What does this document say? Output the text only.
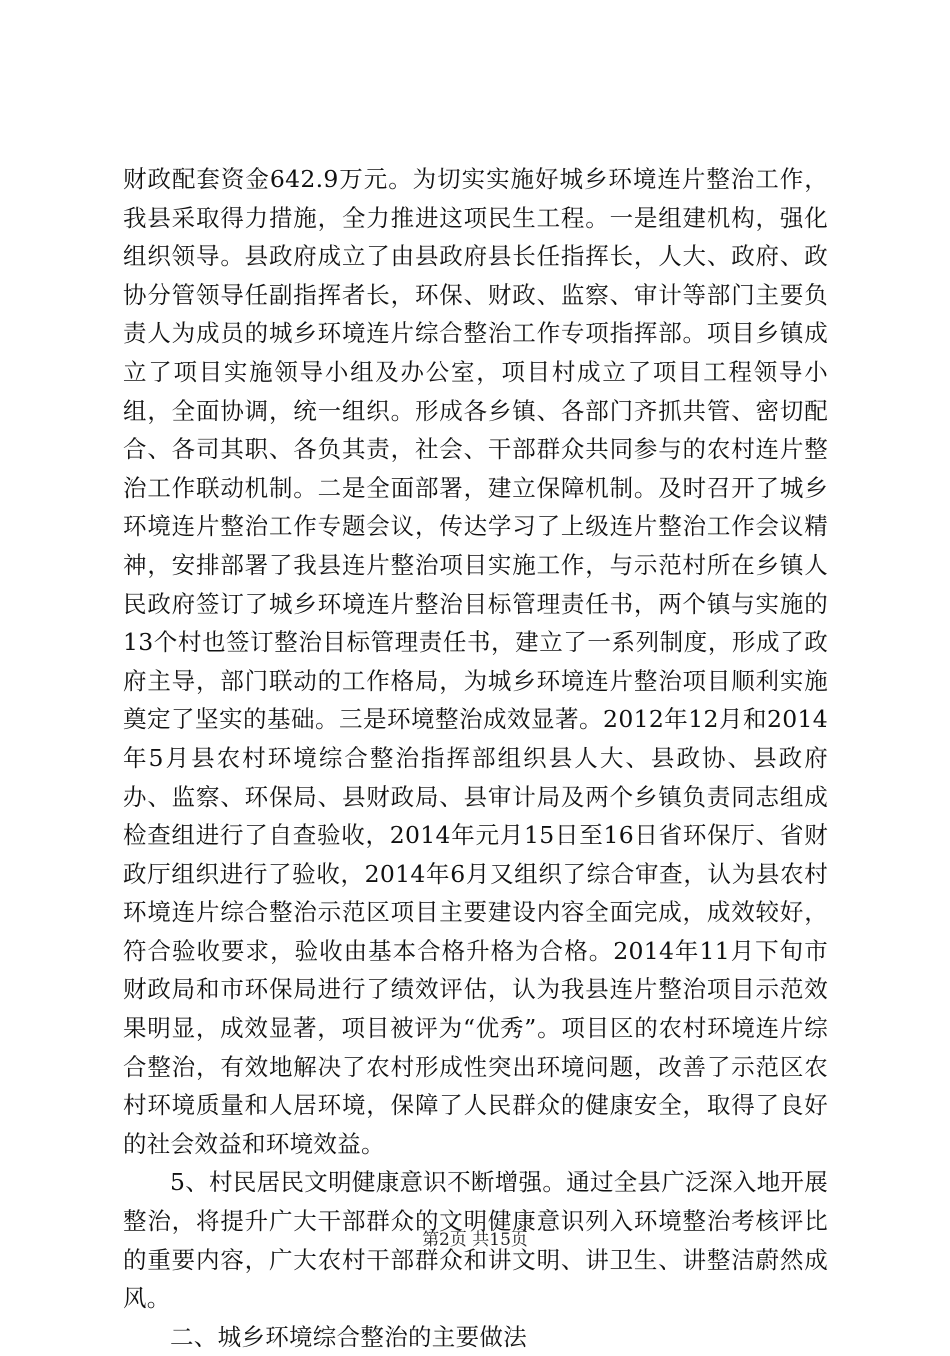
财政配套资金642.9万元。为切实实施好城乡环境连片整治工作，我县采取得力措施，全力推进这项民生工程。一是组建机构，强化组织领导。县政府成立了由县政府县长任指挥长，人大、政府、政协分管领导任副指挥者长，环保、财政、监察、审计等部门主要负责人为成员的城乡环境连片综合整治工作专项指挥部。项目乡镇成立了项目实施领导小组及办公室，项目村成立了项目工程领导小组，全面协调，统一组织。形成各乡镇、各部门齐抓共管、密切配合、各司其职、各负其责，社会、干部群众共同参与的农村连片整治工作联动机制。二是全面部署，建立保障机制。及时召开了城乡环境连片整治工作专题会议，传达学习了上级连片整治工作会议精神，安排部署了我县连片整治项目实施工作，与示范村所在乡镇人民政府签订了城乡环境连片整治目标管理责任书，两个镇与实施的13个村也签订整治目标管理责任书，建立了一系列制度，形成了政府主导，部门联动的工作格局，为城乡环境连片整治项目顺利实施奠定了坚实的基础。三是环境整治成效显著。2012年12月和2014年5月县农村环境综合整治指挥部组织县人大、县政协、县政府办、监察、环保局、县财政局、县审计局及两个乡镇负责同志组成检查组进行了自查验收，2014年元月15日至16日省环保厅、省财政厅组织进行了验收，2014年6月又组织了综合审查，认为县农村环境连片综合整治示范区项目主要建设内容全面完成，成效较好，符合验收要求，验收由基本合格升格为合格。2014年11月下旬市财政局和市环保局进行了绩效评估，认为我县连片整治项目示范效果明显，成效显著，项目被评为“优秀”。项目区的农村环境连片综合整治，有效地解决了农村形成性突出环境问题，改善了示范区农村环境质量和人居环境，保障了人民群众的健康安全，取得了良好的社会效益和环境效益。

5、村民居民文明健康意识不断增强。通过全县广泛深入地开展整治，将提升广大干部群众的文明健康意识列入环境整治考核评比的重要内容，广大农村干部群众和讲文明、讲卫生、讲整洁蔚然成风。

二、城乡环境综合整治的主要做法

第2页 共15页
